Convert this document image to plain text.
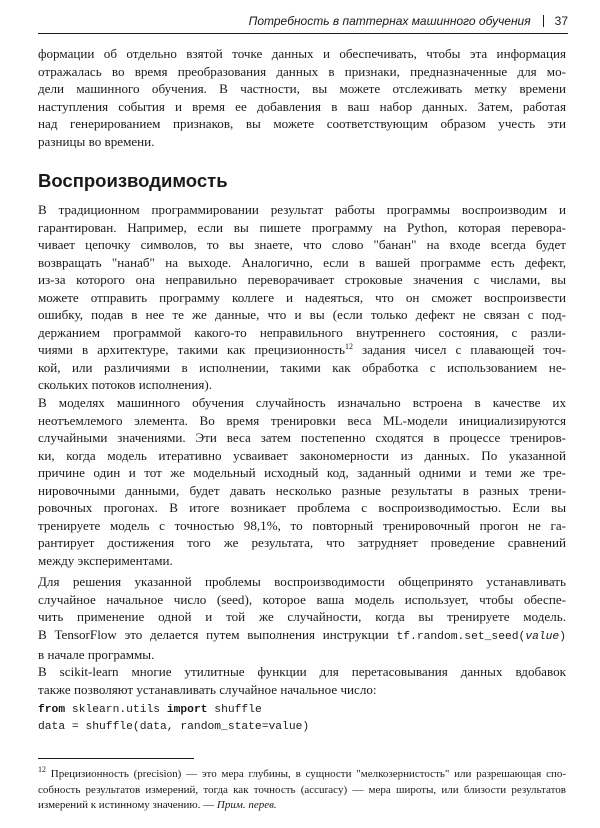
Потребность в паттернах машинного обучения 37

формации об отдельно взятой точке данных и обеспечивать, чтобы эта информация
отражалась во время преобразования данных в признаки, предназначенные для мо-
дели машинного обучения. В частности, вы можете отслеживать метку времени
наступления события и время ее добавления в ваш набор данных. Затем, работая
над генерированием признаков, вы можете соответствующим образом учесть эти
разницы во времени.

Воспроизводимость

В традиционном программировании результат работы программы воспроизводим и
гарантирован. Например, если вы пишете программу на Python, которая перевора-
чивает цепочку символов, то вы знаете, что слово "банан" на входе всегда будет
возвращать "нанаб" на выходе. Аналогично, если в вашей программе есть дефект,
из-за которого она неправильно переворачивает строковые значения с числами, вы
можете отправить программу коллеге и надеяться, что он сможет воспроизвести
ошибку, подав в нее те же данные, что и вы (если только дефект не связан с под-
держанием программой какого-то неправильного внутреннего состояния, с разли-
чиями в архитектуре, такими как прецизионность$^{12}$ задания чисел с плавающей точ-
кой, или различиями в исполнении, такими как обработка с использованием не-
скольких потоков исполнения).

В моделях машинного обучения случайность изначально встроена в качестве их
неотъемлемого элемента. Во время тренировки веса ML-модели инициализируются
случайными значениями. Эти веса затем постепенно сходятся в процессе трениров-
ки, когда модель итеративно усваивает закономерности из данных. По указанной
причине один и тот же модельный исходный код, заданный одними и теми же тре-
нировочными данными, будет давать несколько разные результаты в разных трени-
ровочных прогонах. В итоге возникает проблема с воспроизводимостью. Если вы
тренируете модель с точностью 98,1%, то повторный тренировочный прогон не га-
рантирует достижения того же результата, что затрудняет проведение сравнений
между экспериментами.

Для решения указанной проблемы воспроизводимости общепринято устанавливать
случайное начальное число (seed), которое ваша модель использует, чтобы обеспе-
чить применение одной и той же случайности, когда вы тренируете модель.
В TensorFlow это делается путем выполнения инструкции tf.random.set_seed(value)
в начале программы.

В scikit-learn многие утилитные функции для перетасовывания данных вдобавок
также позволяют устанавливать случайное начальное число:

from sklearn.utils import shuffle
data = shuffle(data, random_state=value)

$^{12}$ Прецизионность (precision) — это мера глубины, в сущности "мелкозернистость" или разрешающая спо-
собность результатов измерений, тогда как точность (accuracy) — мера широты, или близости результатов
измерений к истинному значению. — Прим. перев.
